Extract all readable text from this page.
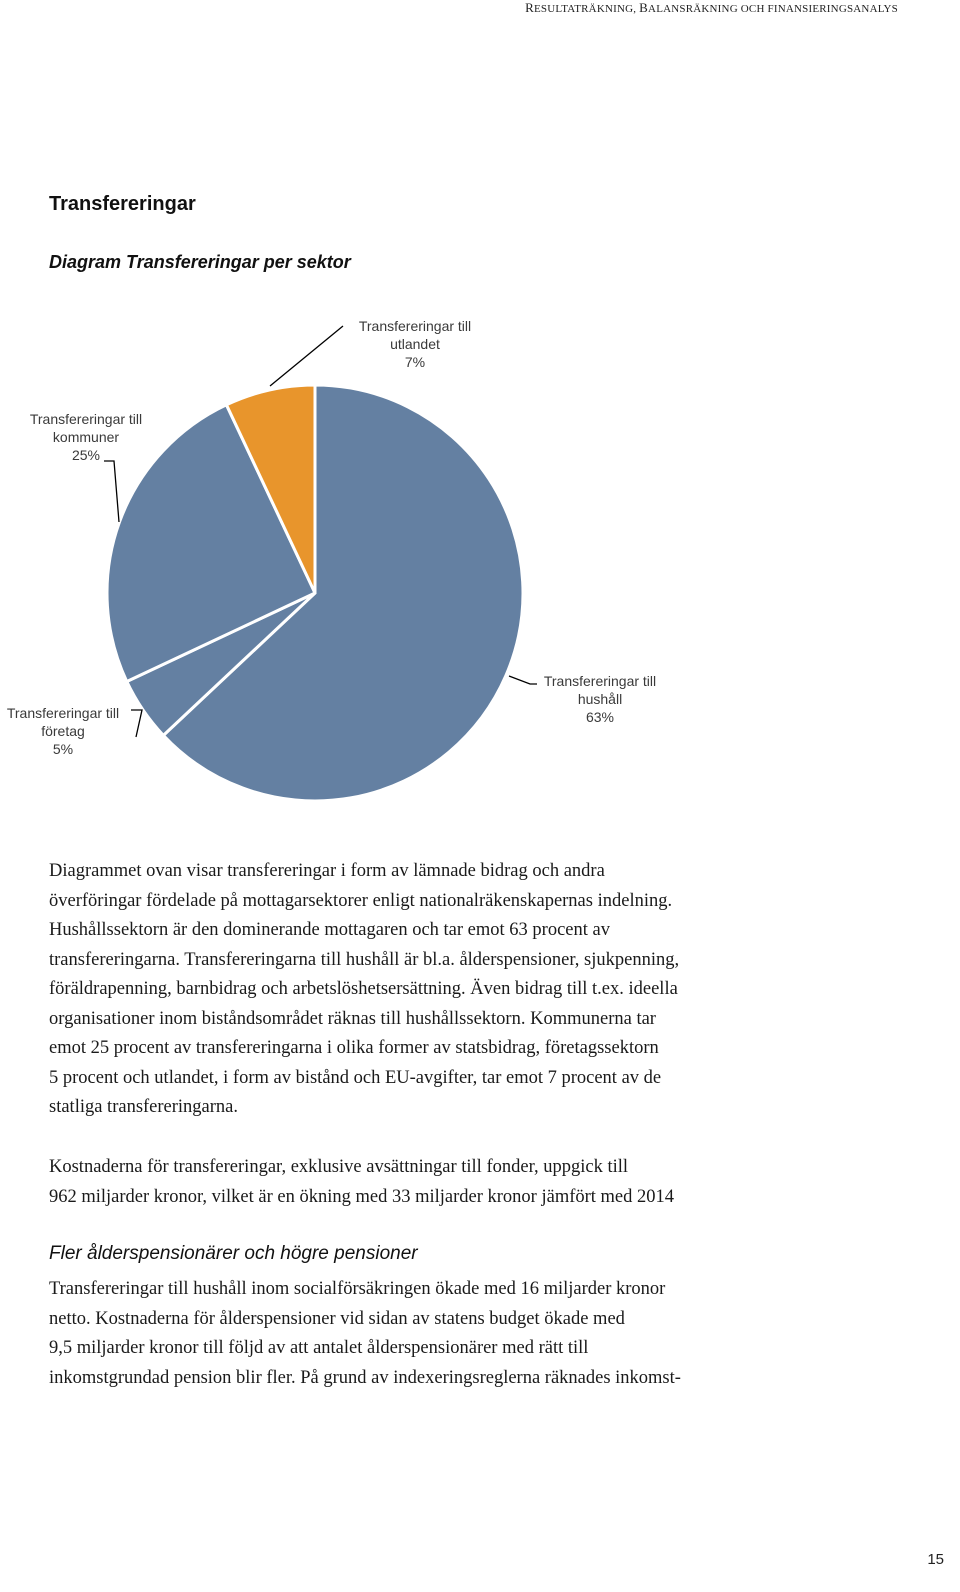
RESULTATRÄKNING, BALANSRÄKNING OCH FINANSIERINGSANALYS
Transfereringar
Diagram Transfereringar per sektor
Transfereringar till hushåll 63%
Transfereringar till företag 5%
Transfereringar till kommuner 25%
Transfereringar till utlandet 7%

Diagrammet ovan visar transfereringar i form av lämnade bidrag och andra
överföringar fördelade på mottagarsektorer enligt nationalräkenskapernas indelning.
Hushållssektorn är den dominerande mottagaren och tar emot 63 procent av
transfereringarna. Transfereringarna till hushåll är bl.a. ålderspensioner, sjukpenning,
föräldrapenning, barnbidrag och arbetslöshetsersättning. Även bidrag till t.ex. ideella
organisationer inom biståndsområdet räknas till hushållssektorn. Kommunerna tar
emot 25 procent av transfereringarna i olika former av statsbidrag, företagssektorn
5 procent och utlandet, i form av bistånd och EU-avgifter, tar emot 7 procent av de
statliga transfereringarna.

Kostnaderna för transfereringar, exklusive avsättningar till fonder, uppgick till
962 miljarder kronor, vilket är en ökning med 33 miljarder kronor jämfört med 2014

Fler ålderspensionärer och högre pensioner

Transfereringar till hushåll inom socialförsäkringen ökade med 16 miljarder kronor
netto. Kostnaderna för ålderspensioner vid sidan av statens budget ökade med
9,5 miljarder kronor till följd av att antalet ålderspensionärer med rätt till
inkomstgrundad pension blir fler. På grund av indexeringsreglerna räknades inkomst-

15
